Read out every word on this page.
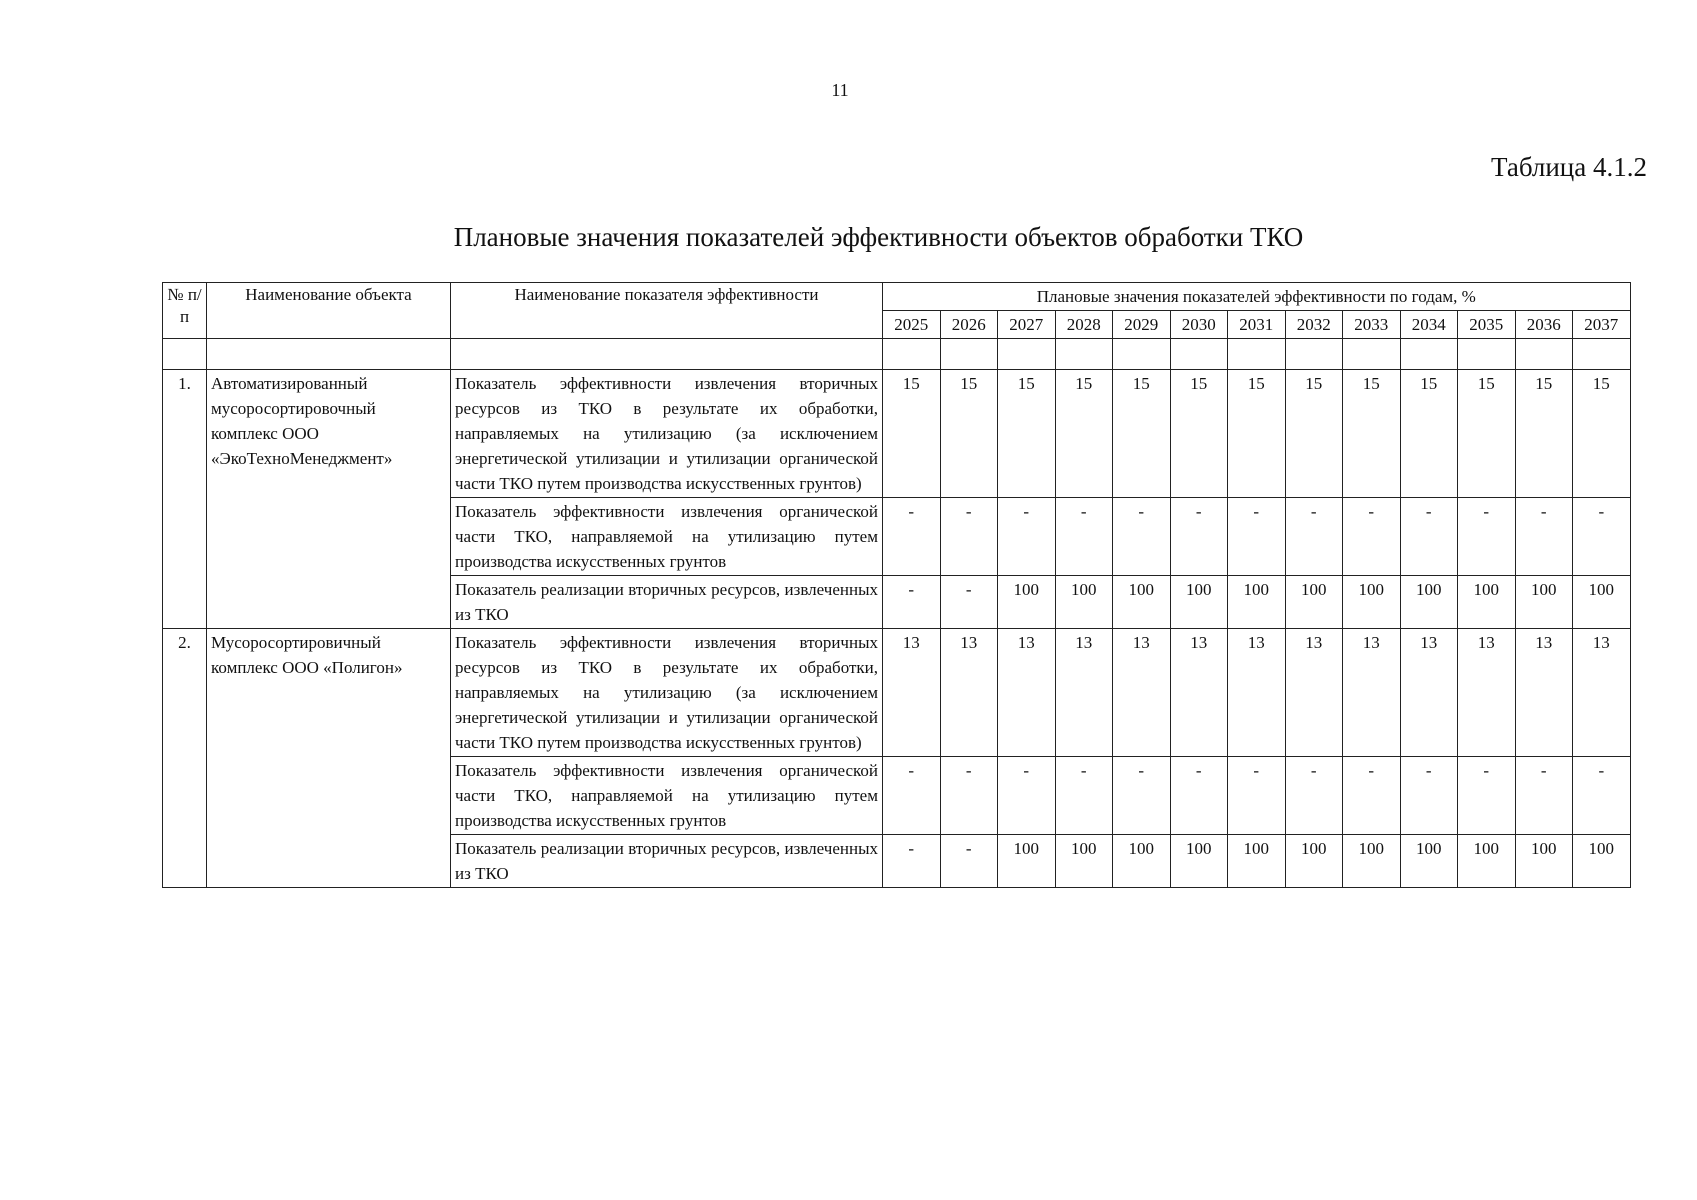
11
Таблица 4.1.2
Плановые значения показателей эффективности объектов обработки ТКО
№ п/п	Наименование объекта	Наименование показателя эффективности	Плановые значения показателей эффективности по годам, %												
			2025	2026	2027	2028	2029	2030	2031	2032	2033	2034	2035	2036	2037

1.	Автоматизированный мусоросортировочный комплекс ООО «ЭкоТехноМенеджмент»	Показатель эффективности извлечения вторичных ресурсов из ТКО в результате их обработки, направляемых на утилизацию (за исключением энергетической утилизации и утилизации органической части ТКО путем производства искусственных грунтов)	15	15	15	15	15	15	15	15	15	15	15	15	15
		Показатель эффективности извлечения органической части ТКО, направляемой на утилизацию путем производства искусственных грунтов	-	-	-	-	-	-	-	-	-	-	-	-	-
		Показатель реализации вторичных ресурсов, извлеченных из ТКО	-	-	100	100	100	100	100	100	100	100	100	100	100
2.	Мусоросортировичный комплекс ООО «Полигон»	Показатель эффективности извлечения вторичных ресурсов из ТКО в результате их обработки, направляемых на утилизацию (за исключением энергетической утилизации и утилизации органической части ТКО путем производства искусственных грунтов)	13	13	13	13	13	13	13	13	13	13	13	13	13
		Показатель эффективности извлечения органической части ТКО, направляемой на утилизацию путем производства искусственных грунтов	-	-	-	-	-	-	-	-	-	-	-	-	-
		Показатель реализации вторичных ресурсов, извлеченных из ТКО	-	-	100	100	100	100	100	100	100	100	100	100	100
